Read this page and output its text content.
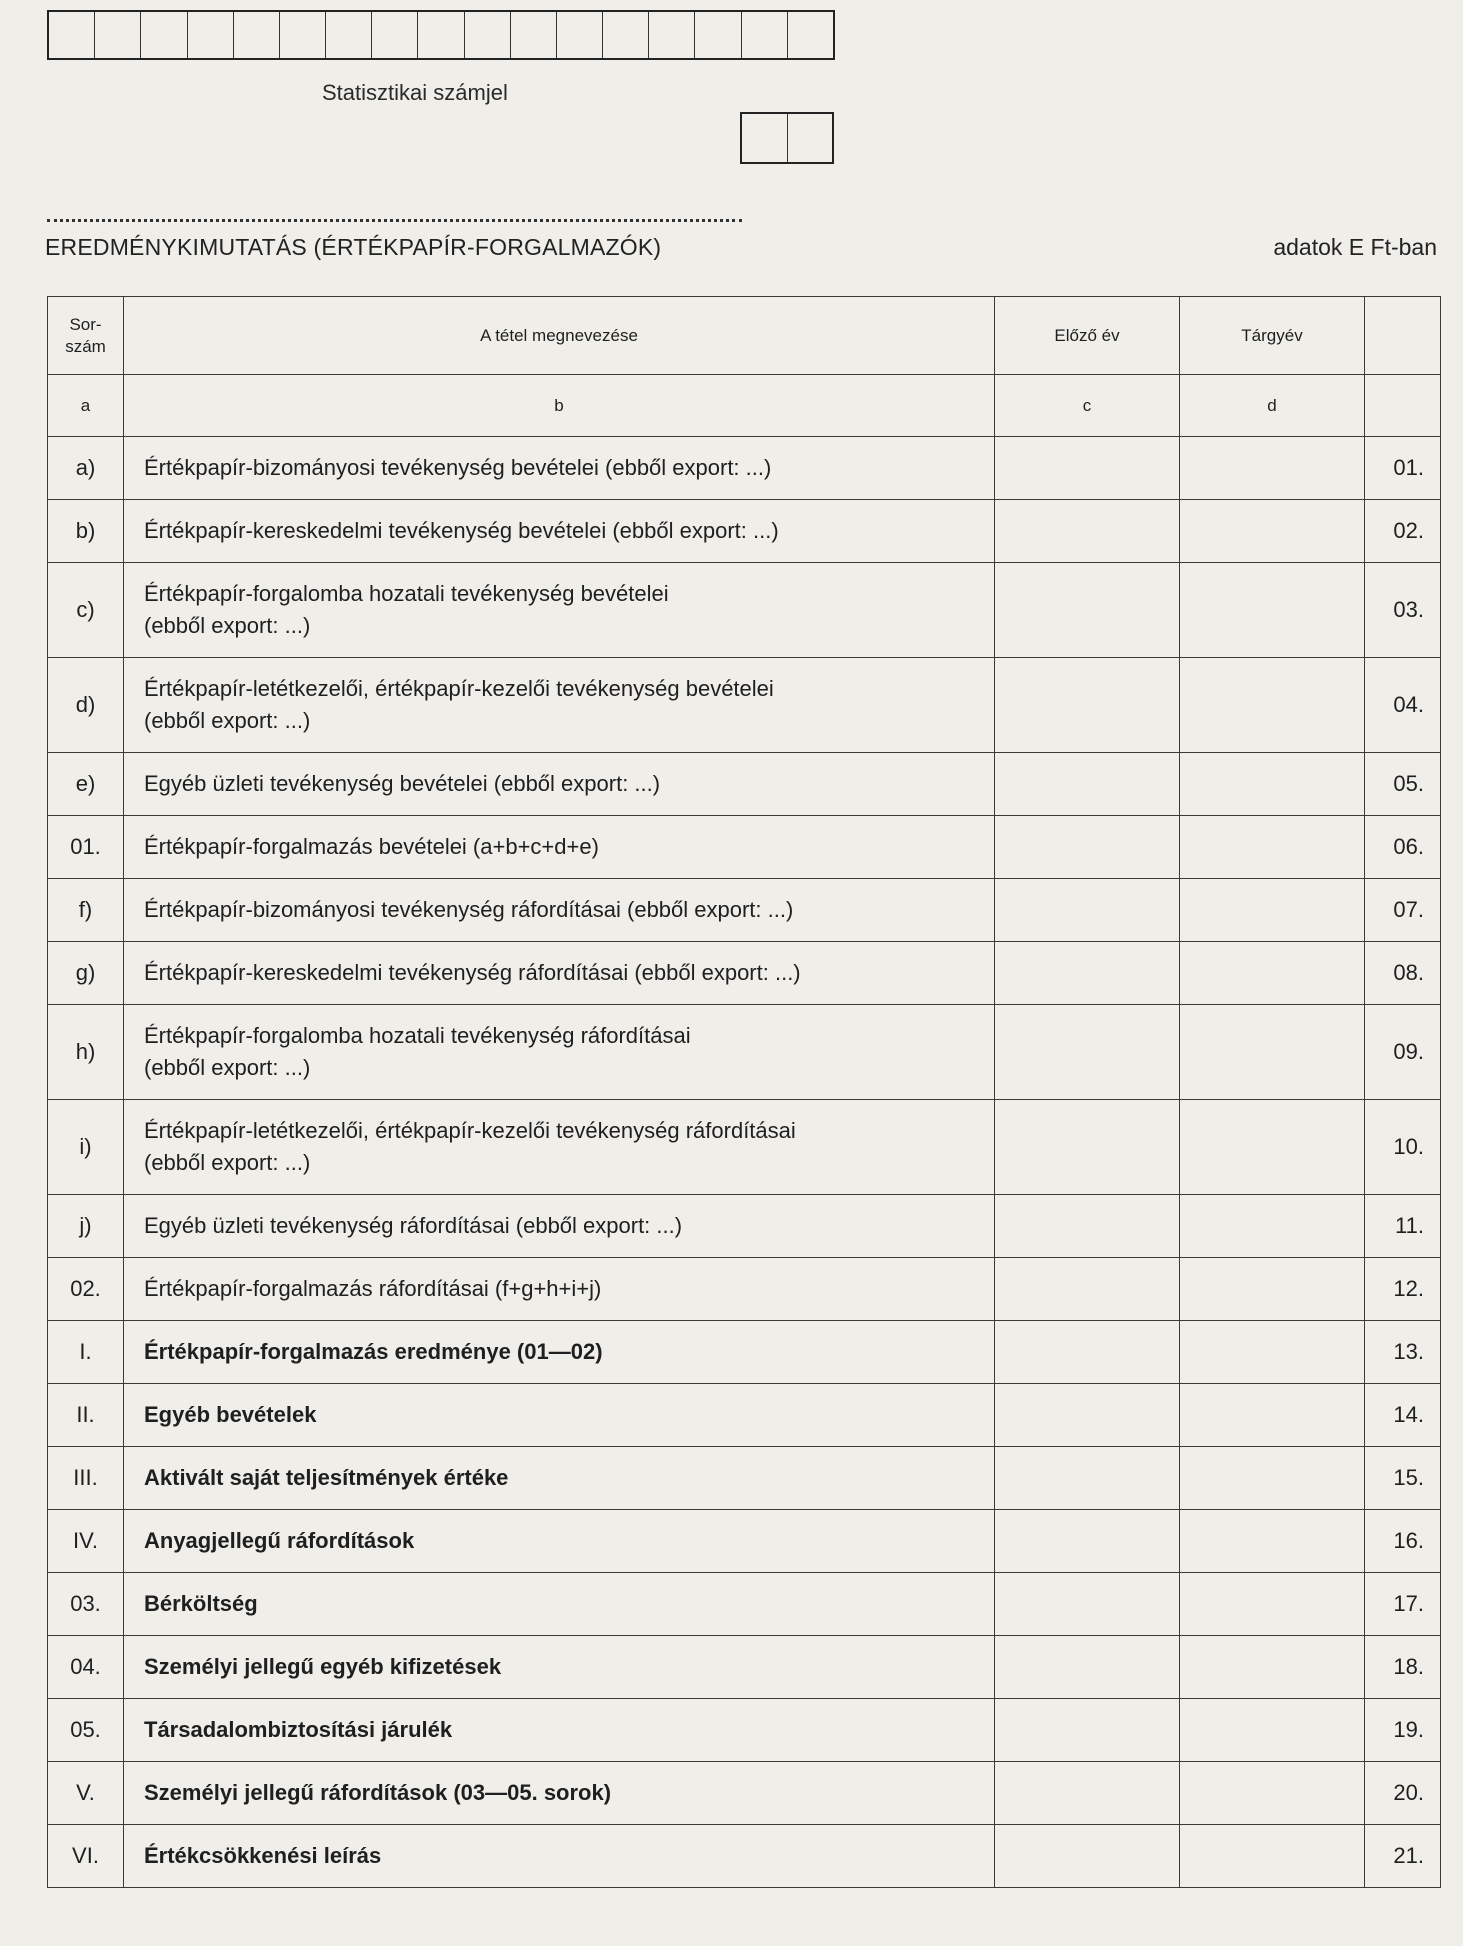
Statisztikai számjel
EREDMÉNYKIMUTATÁS (ÉRTÉKPAPÍR-FORGALMAZÓK)	adatok E Ft-ban
Sor-
szám	A tétel megnevezése	Előző év	Tárgyév	
a	b	c	d	
a)	Értékpapír-bizományosi tevékenység bevételei (ebből export: ...)			01.
b)	Értékpapír-kereskedelmi tevékenység bevételei (ebből export: ...)			02.
c)	Értékpapír-forgalomba hozatali tevékenység bevételei
(ebből export: ...)			03.
d)	Értékpapír-letétkezelői, értékpapír-kezelői tevékenység bevételei
(ebből export: ...)			04.
e)	Egyéb üzleti tevékenység bevételei (ebből export: ...)			05.
01.	Értékpapír-forgalmazás bevételei (a+b+c+d+e)			06.
f)	Értékpapír-bizományosi tevékenység ráfordításai (ebből export: ...)			07.
g)	Értékpapír-kereskedelmi tevékenység ráfordításai (ebből export: ...)			08.
h)	Értékpapír-forgalomba hozatali tevékenység ráfordításai
(ebből export: ...)			09.
i)	Értékpapír-letétkezelői, értékpapír-kezelői tevékenység ráfordításai
(ebből export: ...)			10.
j)	Egyéb üzleti tevékenység ráfordításai (ebből export: ...)			11.
02.	Értékpapír-forgalmazás ráfordításai (f+g+h+i+j)			12.
I.	Értékpapír-forgalmazás eredménye (01—02)			13.
II.	Egyéb bevételek			14.
III.	Aktivált saját teljesítmények értéke			15.
IV.	Anyagjellegű ráfordítások			16.
03.	Bérköltség			17.
04.	Személyi jellegű egyéb kifizetések			18.
05.	Társadalombiztosítási járulék			19.
V.	Személyi jellegű ráfordítások (03—05. sorok)			20.
VI.	Értékcsökkenési leírás			21.
